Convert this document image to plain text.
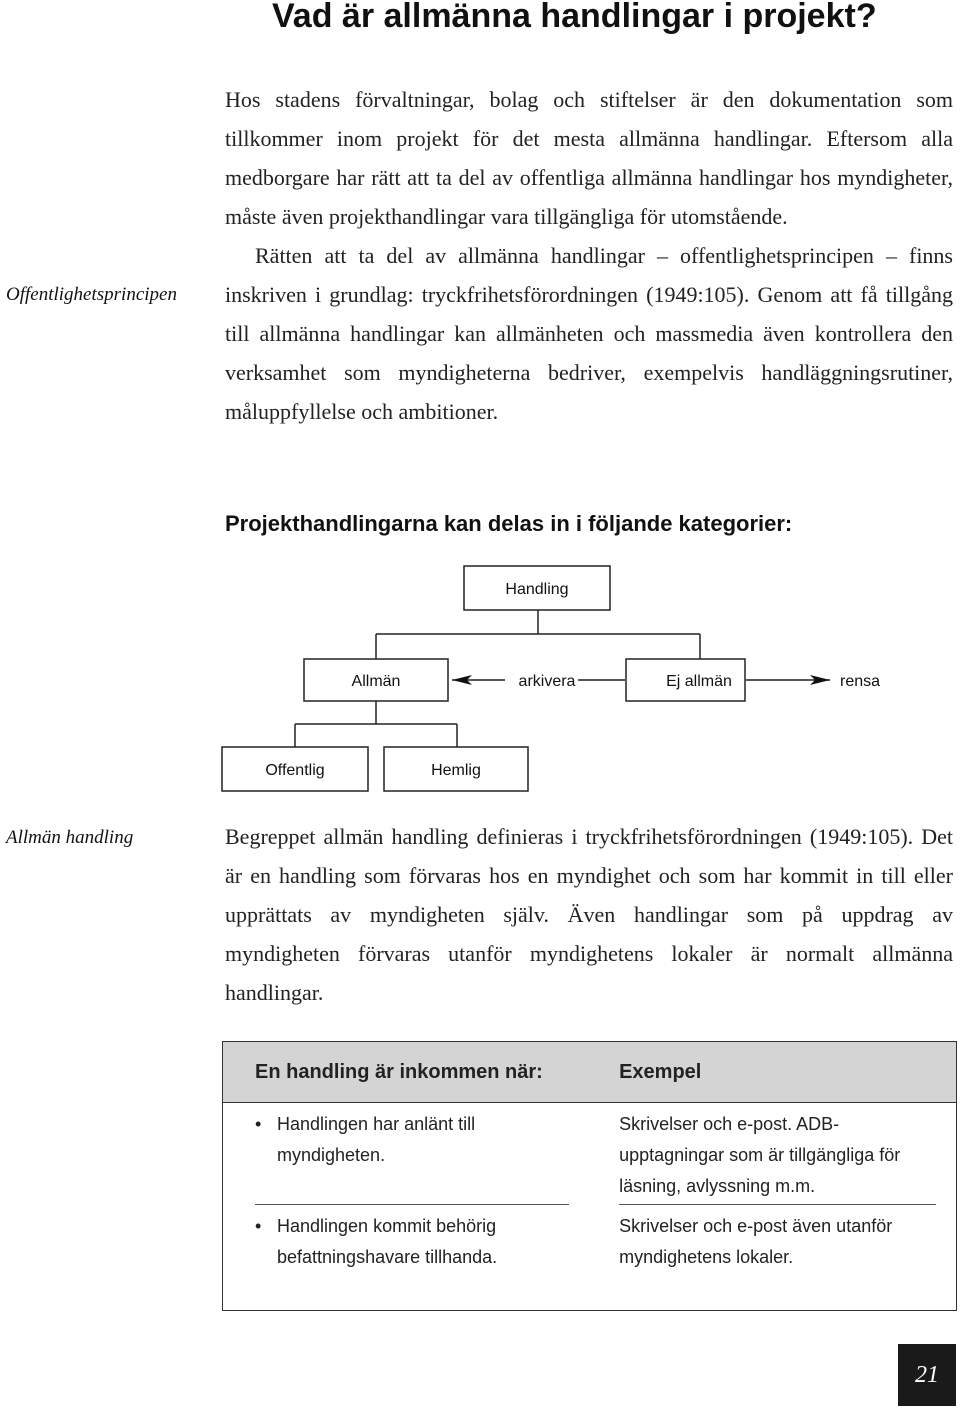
Vad är allmänna handlingar i projekt?
Offentlighetsprincipen

Hos stadens förvaltningar, bolag och stiftelser är den dokumentation som tillkommer inom projekt för det mesta allmänna handlingar. Eftersom alla medborgare har rätt att ta del av offentliga allmänna handlingar hos myndigheter, måste även projekthandlingar vara tillgängliga för utomstående.

Rätten att ta del av allmänna handlingar – offentlighetsprincipen – finns inskriven i grundlag: tryckfrihetsförordningen (1949:105). Genom att få tillgång till allmänna handlingar kan allmänheten och massmedia även kontrollera den verksamhet som myndigheterna bedriver, exempelvis handläggningsrutiner, måluppfyllelse och ambitioner.

Projekthandlingarna kan delas in i följande kategorier:
Handling
Allmän	arkivera	Ej allmän	rensa
Offentlig	Hemlig
Allmän handling	Begreppet allmän handling definieras i tryckfrihetsförordningen (1949:105). Det är en handling som förvaras hos en myndighet och som har kommit in till eller upprättats av myndigheten själv. Även handlingar som på uppdrag av myndigheten förvaras utanför myndighetens lokaler är normalt allmänna handlingar.

En handling är inkommen när:	Exempel

• Handlingen har anlänt till myndigheten.	Skrivelser och e-post. ADB-upptagningar som är tillgängliga för läsning, avlyssning m.m.

• Handlingen kommit behörig befattningshavare tillhanda.	Skrivelser och e-post även utanför myndighetens lokaler.
21
